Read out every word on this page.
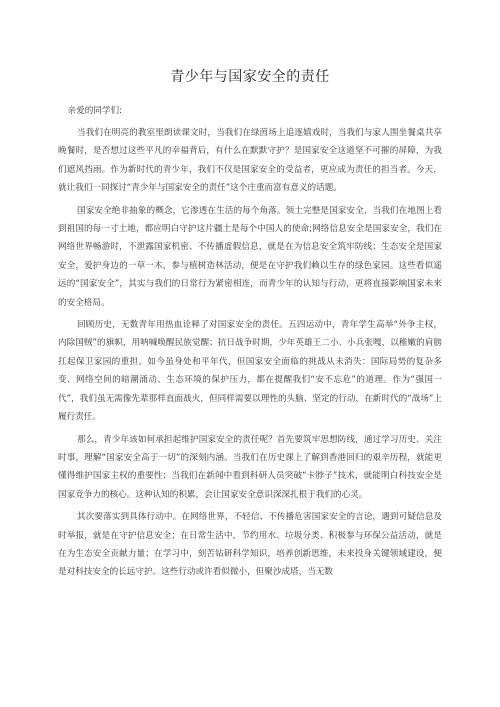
青少年与国家安全的责任

亲爱的同学们:

当我们在明亮的教室里朗读课文时，当我们在绿茵场上追逐嬉戏时，当我们与家人围坐餐桌共享晚餐时，是否想过这些平凡的幸福背后，有什么在默默守护？是国家安全这道坚不可摧的屏障，为我们遮风挡雨。作为新时代的青少年，我们不仅是国家安全的受益者，更应成为责任的担当者。今天，就让我们一同探讨“青少年与国家安全的责任”这个庄重而富有意义的话题。

国家安全绝非抽象的概念，它渗透在生活的每个角落。领土完整是国家安全，当我们在地图上看到祖国的每一寸土地，都应明白守护这片疆土是每个中国人的使命;网络信息安全是国家安全，我们在网络世界畅游时，不泄露国家机密、不传播虚假信息，就是在为信息安全筑牢防线；生态安全是国家安全，爱护身边的一草一木，参与植树造林活动，便是在守护我们赖以生存的绿色家园。这些看似遥远的“国家安全”，其实与我们的日常行为紧密相连，而青少年的认知与行动，更将直接影响国家未来的安全格局。

回顾历史，无数青年用热血诠释了对国家安全的责任。五四运动中，青年学生高举“外争主权，内除国贼”的旗帜，用呐喊唤醒民族觉醒；抗日战争时期，少年英雄王二小、小兵张嘎，以稚嫩的肩膀扛起保卫家园的重担。如今虽身处和平年代，但国家安全面临的挑战从未消失：国际局势的复杂多变、网络空间的暗潮涌动、生态环境的保护压力，都在提醒我们“安不忘危”的道理。作为“强国一代”，我们虽无需像先辈那样直面战火，但同样需要以理性的头脑、坚定的行动，在新时代的“战场”上履行责任。

那么，青少年该如何承担起维护国家安全的责任呢？首先要筑牢思想防线，通过学习历史、关注时事，理解“国家安全高于一切”的深刻内涵。当我们在历史课上了解到香港回归的艰辛历程，就能更懂得维护国家主权的重要性；当我们在新闻中看到科研人员突破“卡脖子”技术，就能明白科技安全是国家竞争力的核心。这种认知的积累，会让国家安全意识深深扎根于我们的心灵。

其次要落实到具体行动中。在网络世界，不轻信、不传播危害国家安全的言论，遇到可疑信息及时举报，就是在守护信息安全；在日常生活中，节约用水、垃圾分类、积极参与环保公益活动，就是在为生态安全贡献力量；在学习中，刻苦钻研科学知识，培养创新思维，未来投身关键领域建设，便是对科技安全的长远守护。这些行动或许看似微小，但聚沙成塔，当无数
